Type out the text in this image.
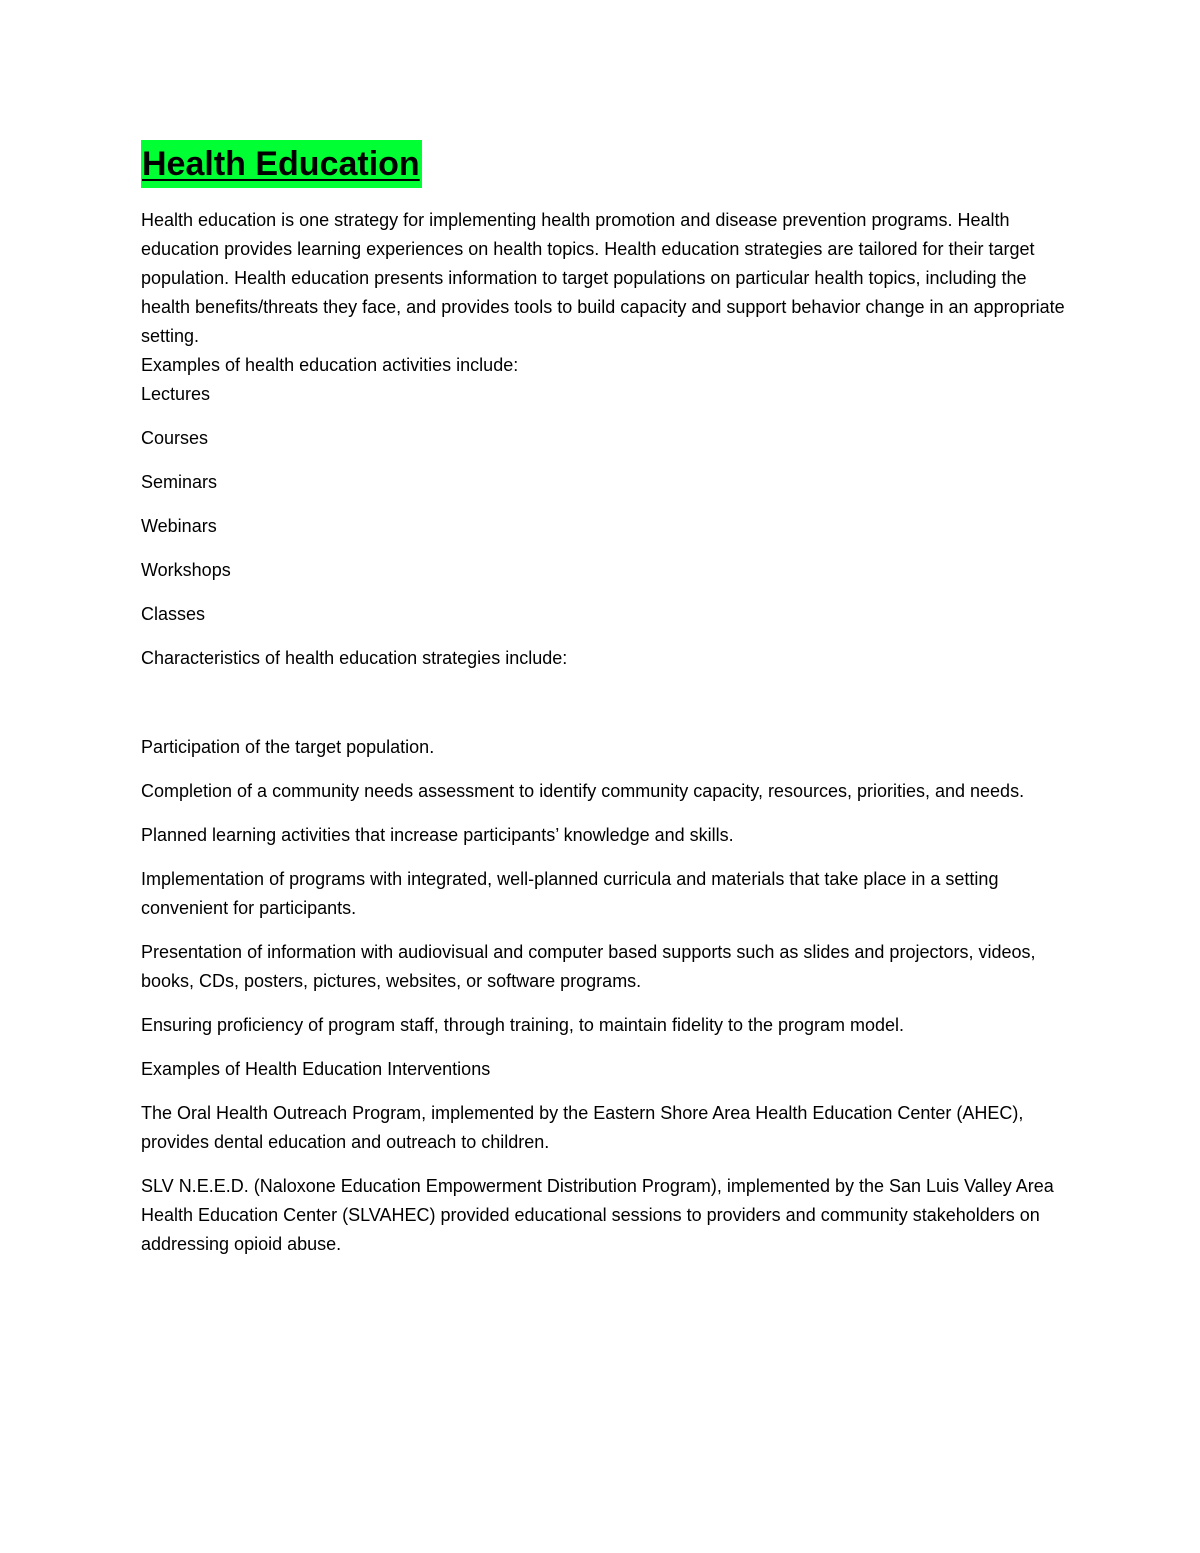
Health Education

Health education is one strategy for implementing health promotion and disease prevention programs. Health education provides learning experiences on health topics. Health education strategies are tailored for their target population. Health education presents information to target populations on particular health topics, including the health benefits/threats they face, and provides tools to build capacity and support behavior change in an appropriate setting.

Examples of health education activities include:

Lectures

Courses

Seminars

Webinars

Workshops

Classes

Characteristics of health education strategies include:

Participation of the target population.

Completion of a community needs assessment to identify community capacity, resources, priorities, and needs.

Planned learning activities that increase participants’ knowledge and skills.

Implementation of programs with integrated, well-planned curricula and materials that take place in a setting convenient for participants.

Presentation of information with audiovisual and computer based supports such as slides and projectors, videos, books, CDs, posters, pictures, websites, or software programs.

Ensuring proficiency of program staff, through training, to maintain fidelity to the program model.

Examples of Health Education Interventions

The Oral Health Outreach Program, implemented by the Eastern Shore Area Health Education Center (AHEC), provides dental education and outreach to children.

SLV N.E.E.D. (Naloxone Education Empowerment Distribution Program), implemented by the San Luis Valley Area Health Education Center (SLVAHEC) provided educational sessions to providers and community stakeholders on addressing opioid abuse.
